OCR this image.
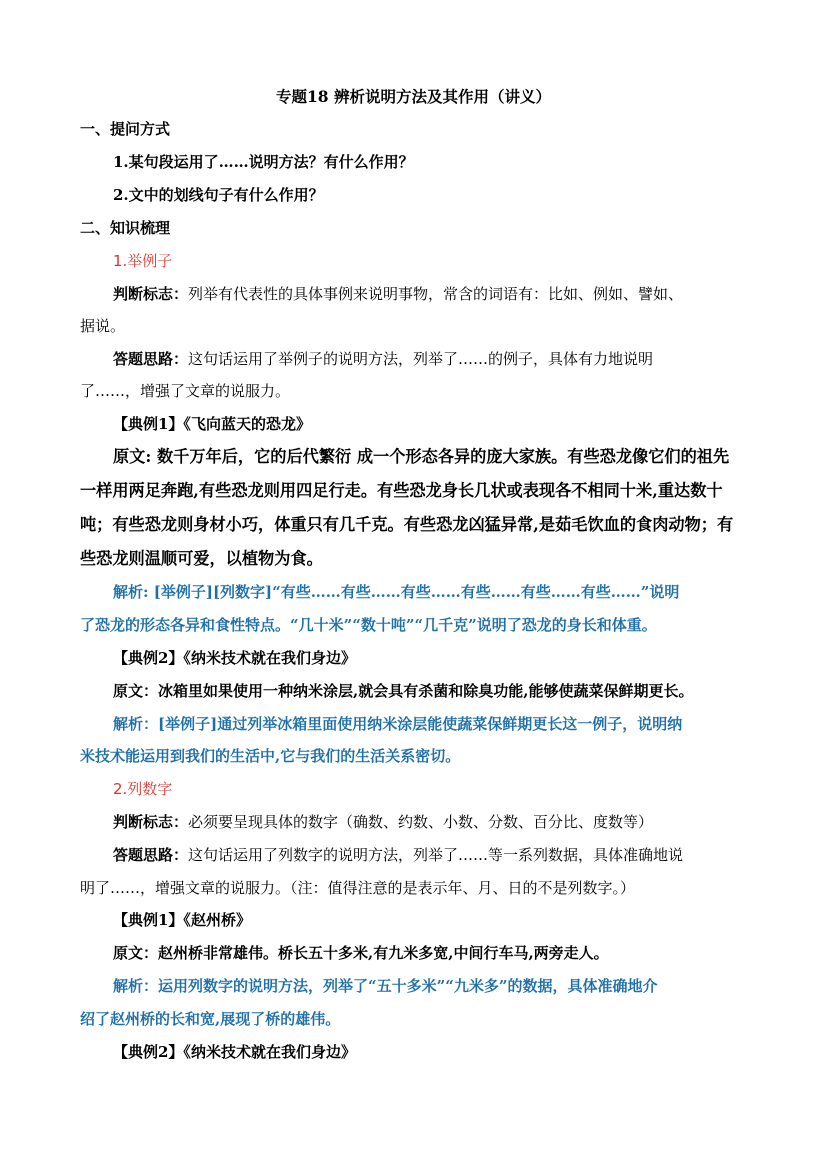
专题18 辨析说明方法及其作用（讲义）
一、提问方式
1.某句段运用了……说明方法？有什么作用？
2.文中的划线句子有什么作用？
二、知识梳理
1.举例子
判断标志：列举有代表性的具体事例来说明事物，常含的词语有：比如、例如、譬如、
据说。
答题思路：这句话运用了举例子的说明方法，列举了……的例子，具体有力地说明
了……，增强了文章的说服力。
【典例1】《飞向蓝天的恐龙》
原文: 数千万年后，它的后代繁衍 成一个形态各异的庞大家族。有些恐龙像它们的祖先
一样用两足奔跑,有些恐龙则用四足行走。有些恐龙身长几状或表现各不相同十米,重达数十
吨；有些恐龙则身材小巧，体重只有几千克。有些恐龙凶猛异常,是茹毛饮血的食肉动物；有
些恐龙则温顺可爱，以植物为食。
解析: [举例子][列数字]“有些……有些……有些……有些……有些……有些……”说明
了恐龙的形态各异和食性特点。“几十米”“数十吨”“几千克”说明了恐龙的身长和体重。
【典例2】《纳米技术就在我们身边》
原文：冰箱里如果使用一种纳米涂层,就会具有杀菌和除臭功能,能够使蔬菜保鲜期更长。
解析：[举例子]通过列举冰箱里面使用纳米涂层能使蔬菜保鲜期更长这一例子，说明纳
米技术能运用到我们的生活中,它与我们的生活关系密切。
2.列数字
判断标志：必须要呈现具体的数字（确数、约数、小数、分数、百分比、度数等）
答题思路：这句话运用了列数字的说明方法，列举了……等一系列数据，具体准确地说
明了……，增强文章的说服力。（注：值得注意的是表示年、月、日的不是列数字。）
【典例1】《赵州桥》
原文：赵州桥非常雄伟。桥长五十多米,有九米多宽,中间行车马,两旁走人。
解析：运用列数字的说明方法，列举了“五十多米”“九米多”的数据，具体准确地介
绍了赵州桥的长和宽,展现了桥的雄伟。
【典例2】《纳米技术就在我们身边》
